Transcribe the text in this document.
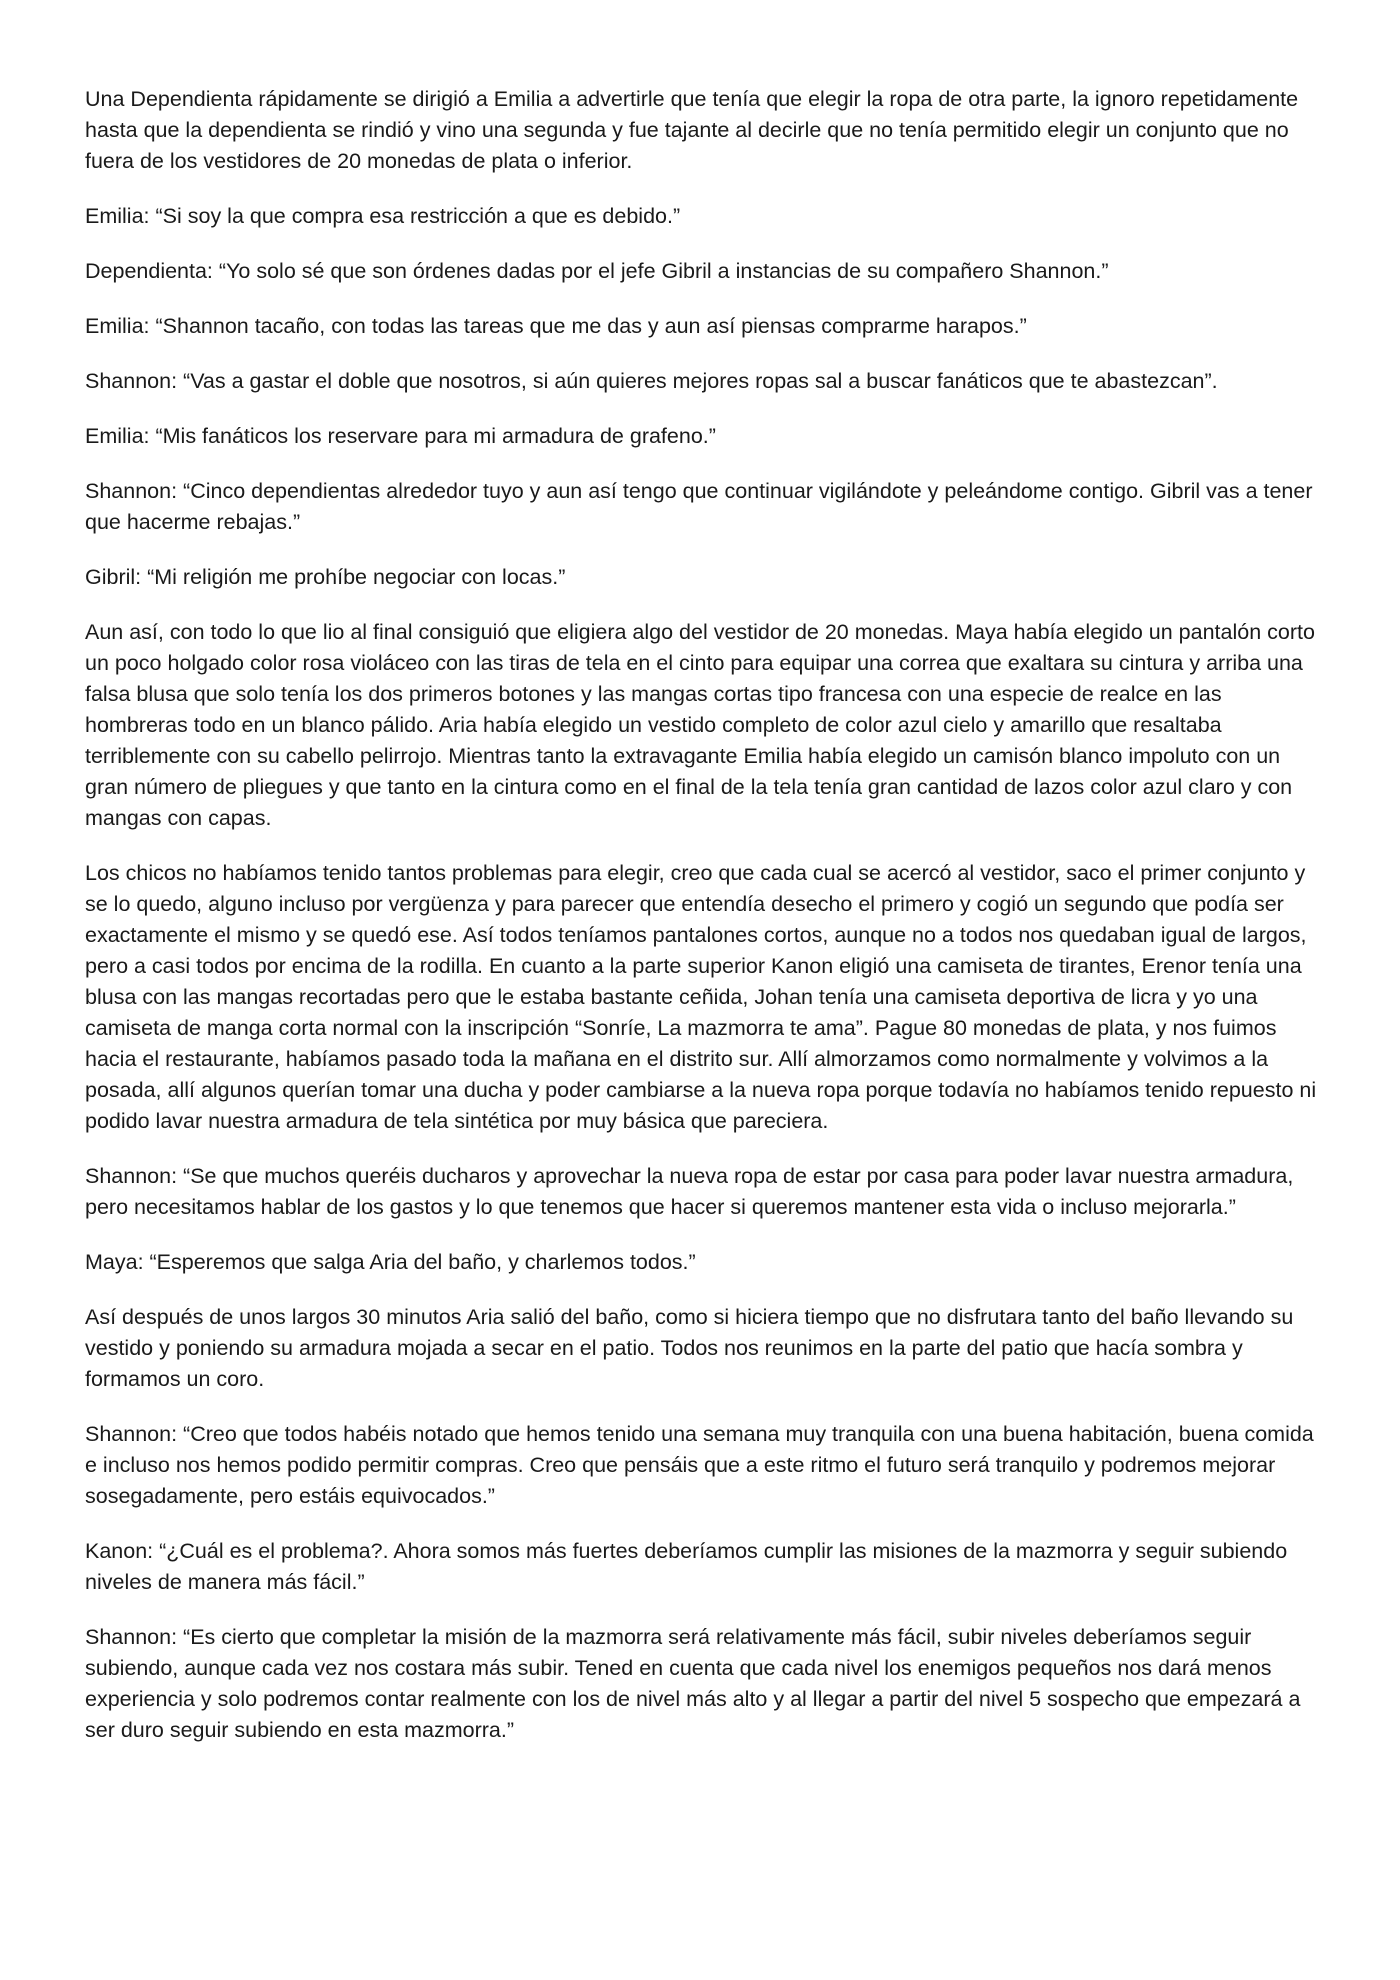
Una Dependienta rápidamente se dirigió a Emilia a advertirle que tenía que elegir la ropa de otra parte, la ignoro repetidamente hasta que la dependienta se rindió y vino una segunda y fue tajante al decirle que no tenía permitido elegir un conjunto que no fuera de los vestidores de 20 monedas de plata o inferior.

Emilia: “Si soy la que compra esa restricción a que es debido.”

Dependienta: “Yo solo sé que son órdenes dadas por el jefe Gibril a instancias de su compañero Shannon.”

Emilia: “Shannon tacaño, con todas las tareas que me das y aun así piensas comprarme harapos.”

Shannon: “Vas a gastar el doble que nosotros, si aún quieres mejores ropas sal a buscar fanáticos que te abastezcan”.

Emilia: “Mis fanáticos los reservare para mi armadura de grafeno.”

Shannon: “Cinco dependientas alrededor tuyo y aun así tengo que continuar vigilándote y peleándome contigo. Gibril vas a tener que hacerme rebajas.”

Gibril: “Mi religión me prohíbe negociar con locas.”

Aun así, con todo lo que lio al final consiguió que eligiera algo del vestidor de 20 monedas. Maya había elegido un pantalón corto un poco holgado color rosa violáceo con las tiras de tela en el cinto para equipar una correa que exaltara su cintura y arriba una falsa blusa que solo tenía los dos primeros botones y las mangas cortas tipo francesa con una especie de realce en las hombreras todo en un blanco pálido. Aria había elegido un vestido completo de color azul cielo y amarillo que resaltaba terriblemente con su cabello pelirrojo. Mientras tanto la extravagante Emilia había elegido un camisón blanco impoluto con un gran número de pliegues y que tanto en la cintura como en el final de la tela tenía gran cantidad de lazos color azul claro y con mangas con capas.

Los chicos no habíamos tenido tantos problemas para elegir, creo que cada cual se acercó al vestidor, saco el primer conjunto y se lo quedo, alguno incluso por vergüenza y para parecer que entendía desecho el primero y cogió un segundo que podía ser exactamente el mismo y se quedó ese. Así todos teníamos pantalones cortos, aunque no a todos nos quedaban igual de largos, pero a casi todos por encima de la rodilla. En cuanto a la parte superior Kanon eligió una camiseta de tirantes, Erenor tenía una blusa con las mangas recortadas pero que le estaba bastante ceñida, Johan tenía una camiseta deportiva de licra y yo una camiseta de manga corta normal con la inscripción “Sonríe, La mazmorra te ama”. Pague 80 monedas de plata, y nos fuimos hacia el restaurante, habíamos pasado toda la mañana en el distrito sur. Allí almorzamos como normalmente y volvimos a la posada, allí algunos querían tomar una ducha y poder cambiarse a la nueva ropa porque todavía no habíamos tenido repuesto ni podido lavar nuestra armadura de tela sintética por muy básica que pareciera.

Shannon: “Se que muchos queréis ducharos y aprovechar la nueva ropa de estar por casa para poder lavar nuestra armadura, pero necesitamos hablar de los gastos y lo que tenemos que hacer si queremos mantener esta vida o incluso mejorarla.”

Maya: “Esperemos que salga Aria del baño, y charlemos todos.”

Así después de unos largos 30 minutos Aria salió del baño, como si hiciera tiempo que no disfrutara tanto del baño llevando su vestido y poniendo su armadura mojada a secar en el patio. Todos nos reunimos en la parte del patio que hacía sombra y formamos un coro.

Shannon: “Creo que todos habéis notado que hemos tenido una semana muy tranquila con una buena habitación, buena comida e incluso nos hemos podido permitir compras. Creo que pensáis que a este ritmo el futuro será tranquilo y podremos mejorar sosegadamente, pero estáis equivocados.”

Kanon: “¿Cuál es el problema?. Ahora somos más fuertes deberíamos cumplir las misiones de la mazmorra y seguir subiendo niveles de manera más fácil.”

Shannon: “Es cierto que completar la misión de la mazmorra será relativamente más fácil, subir niveles deberíamos seguir subiendo, aunque cada vez nos costara más subir. Tened en cuenta que cada nivel los enemigos pequeños nos dará menos experiencia y solo podremos contar realmente con los de nivel más alto y al llegar a partir del nivel 5 sospecho que empezará a ser duro seguir subiendo en esta mazmorra.”
